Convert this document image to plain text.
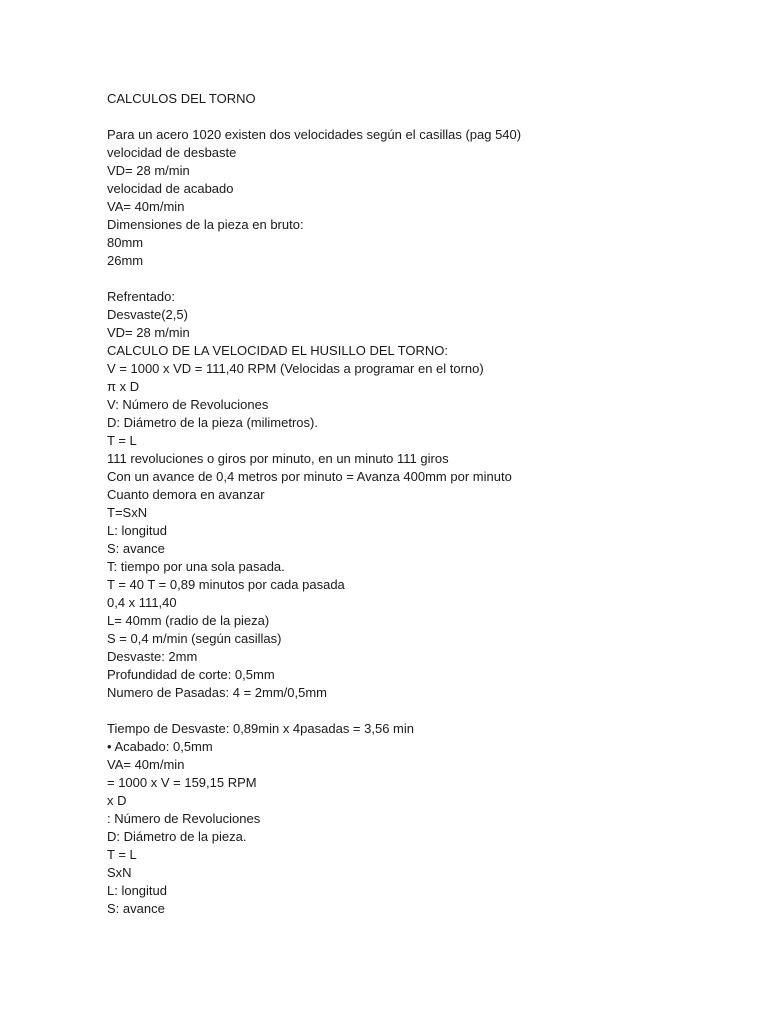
CALCULOS DEL TORNO
Para un acero 1020 existen dos velocidades según el casillas (pag 540)
velocidad de desbaste
VD= 28 m/min
velocidad de acabado
VA= 40m/min
Dimensiones de la pieza en bruto:
80mm
26mm
Refrentado:
Desvaste(2,5)
VD= 28 m/min
CALCULO DE LA VELOCIDAD EL HUSILLO DEL TORNO:
V = 1000 x VD = 111,40 RPM (Velocidas a programar en el torno)
π x D
V: Número de Revoluciones
D: Diámetro de la pieza (milimetros).
T = L
111 revoluciones o giros por minuto, en un minuto 111 giros
Con un avance de 0,4 metros por minuto = Avanza 400mm por minuto
Cuanto demora en avanzar
T=SxN
L: longitud
S: avance
T: tiempo por una sola pasada.
T = 40 T = 0,89 minutos por cada pasada
0,4 x 111,40
L= 40mm (radio de la pieza)
S = 0,4 m/min (según casillas)
Desvaste: 2mm
Profundidad de corte: 0,5mm
Numero de Pasadas: 4 = 2mm/0,5mm
Tiempo de Desvaste: 0,89min x 4pasadas = 3,56 min
• Acabado: 0,5mm
VA= 40m/min
= 1000 x V = 159,15 RPM
x D
: Número de Revoluciones
D: Diámetro de la pieza.
T = L
SxN
L: longitud
S: avance
